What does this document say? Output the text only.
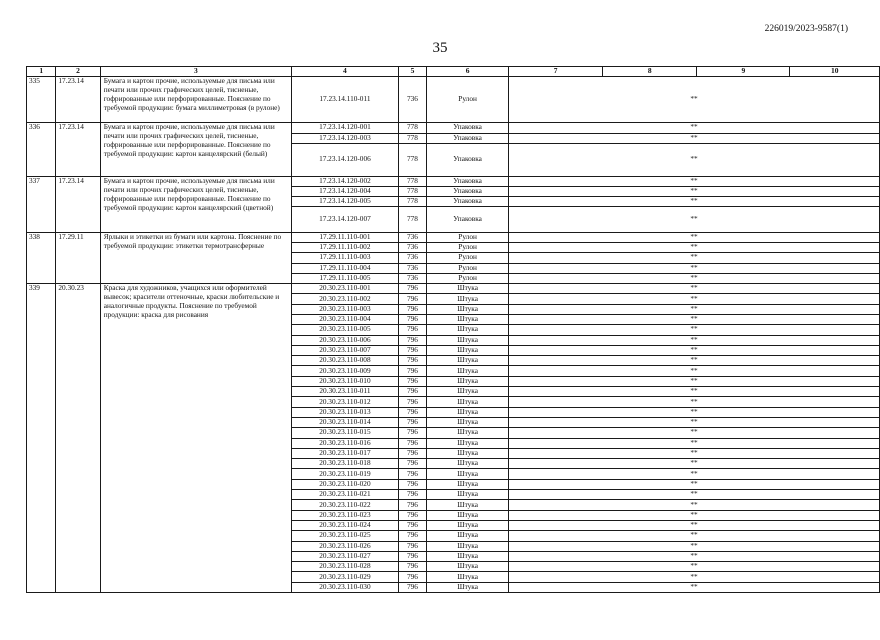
226019/2023-9587(1)
35
1	2	3	4	5	6	7	8	9	10
335	17.23.14	Бумага и картон прочие, используемые для письма или печати или прочих графических целей, тисненые, гофрированные или перфорированные. Пояснение по требуемой продукции: бумага миллиметровая (в рулоне)	17.23.14.110-011	736	Рулон	**			
336	17.23.14	Бумага и картон прочие, используемые для письма или печати или прочих графических целей, тисненые, гофрированные или перфорированные. Пояснение по требуемой продукции: картон канцелярский (белый)	17.23.14.120-001	778	Упаковка	**			
			17.23.14.120-003	778	Упаковка	**			
			17.23.14.120-006	778	Упаковка	**			
337	17.23.14	Бумага и картон прочие, используемые для письма или печати или прочих графических целей, тисненые, гофрированные или перфорированные. Пояснение по требуемой продукции: картон канцелярский (цветной)	17.23.14.120-002	778	Упаковка	**			
			17.23.14.120-004	778	Упаковка	**			
			17.23.14.120-005	778	Упаковка	**			
			17.23.14.120-007	778	Упаковка	**			
338	17.29.11	Ярлыки и этикетки из бумаги или картона. Пояснение по требуемой продукции: этикетки термотрансферные	17.29.11.110-001	736	Рулон	**			
			17.29.11.110-002	736	Рулон	**			
			17.29.11.110-003	736	Рулон	**			
			17.29.11.110-004	736	Рулон	**			
			17.29.11.110-005	736	Рулон	**			
339	20.30.23	Краска для художников, учащихся или оформителей вывесок; красители оттеночные, краски любительские и аналогичные продукты. Пояснение по требуемой продукции: краска для рисования	20.30.23.110-001	796	Штука	**			
			20.30.23.110-002	796	Штука	**			
			20.30.23.110-003	796	Штука	**			
			20.30.23.110-004	796	Штука	**			
			20.30.23.110-005	796	Штука	**			
			20.30.23.110-006	796	Штука	**			
			20.30.23.110-007	796	Штука	**			
			20.30.23.110-008	796	Штука	**			
			20.30.23.110-009	796	Штука	**			
			20.30.23.110-010	796	Штука	**			
			20.30.23.110-011	796	Штука	**			
			20.30.23.110-012	796	Штука	**			
			20.30.23.110-013	796	Штука	**			
			20.30.23.110-014	796	Штука	**			
			20.30.23.110-015	796	Штука	**			
			20.30.23.110-016	796	Штука	**			
			20.30.23.110-017	796	Штука	**			
			20.30.23.110-018	796	Штука	**			
			20.30.23.110-019	796	Штука	**			
			20.30.23.110-020	796	Штука	**			
			20.30.23.110-021	796	Штука	**			
			20.30.23.110-022	796	Штука	**			
			20.30.23.110-023	796	Штука	**			
			20.30.23.110-024	796	Штука	**			
			20.30.23.110-025	796	Штука	**			
			20.30.23.110-026	796	Штука	**			
			20.30.23.110-027	796	Штука	**			
			20.30.23.110-028	796	Штука	**			
			20.30.23.110-029	796	Штука	**			
			20.30.23.110-030	796	Штука	**			
